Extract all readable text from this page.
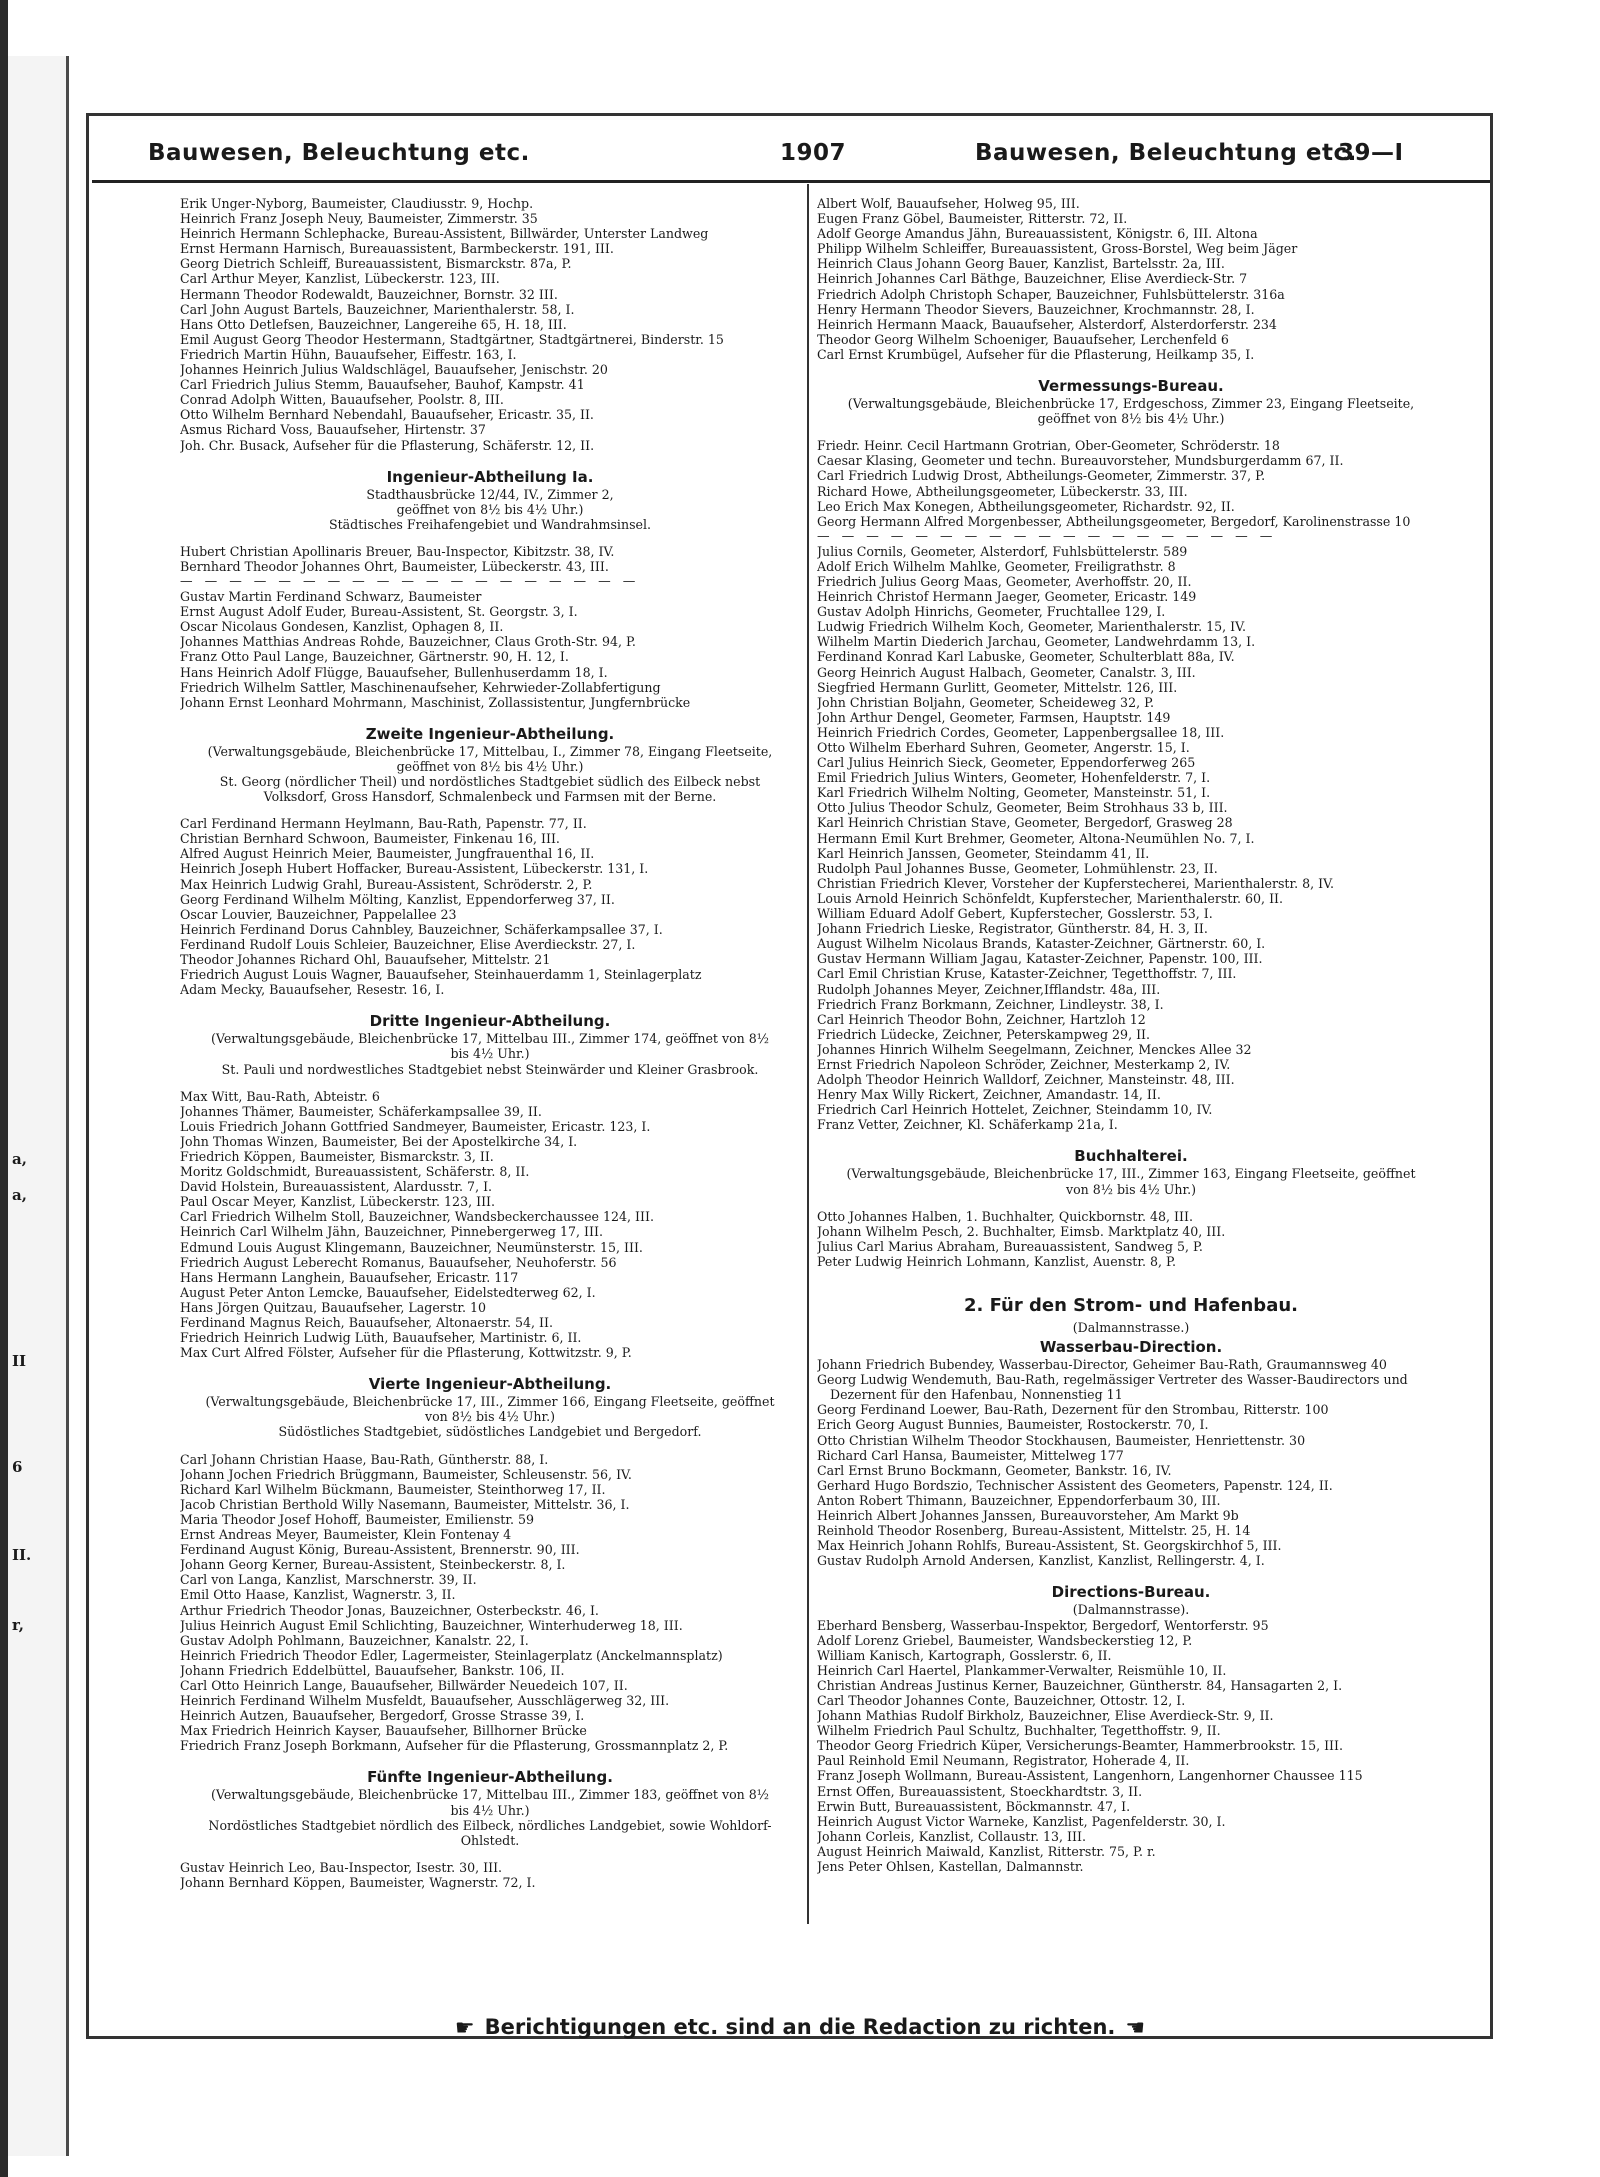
a,
a,
II
6
II.
r,
Bauwesen, Beleuchtung etc.	1907	Bauwesen, Beleuchtung etc.
39—I

Erik Unger-Nyborg, Baumeister, Claudiusstr. 9, Hochp.

Heinrich Franz Joseph Neuy, Baumeister, Zimmerstr. 35

Heinrich Hermann Schlephacke, Bureau-Assistent, Billwärder, Unterster Landweg

Ernst Hermann Harnisch, Bureauassistent, Barmbeckerstr. 191, III.

Georg Dietrich Schleiff, Bureauassistent, Bismarckstr. 87a, P.

Carl Arthur Meyer, Kanzlist, Lübeckerstr. 123, III.

Hermann Theodor Rodewaldt, Bauzeichner, Bornstr. 32 III.

Carl John August Bartels, Bauzeichner, Marienthalerstr. 58, I.

Hans Otto Detlefsen, Bauzeichner, Langereihe 65, H. 18, III.

Emil August Georg Theodor Hestermann, Stadtgärtner, Stadtgärtnerei, Binderstr. 15

Friedrich Martin Hühn, Bauaufseher, Eiffestr. 163, I.

Johannes Heinrich Julius Waldschlägel, Bauaufseher, Jenischstr. 20

Carl Friedrich Julius Stemm, Bauaufseher, Bauhof, Kampstr. 41

Conrad Adolph Witten, Bauaufseher, Poolstr. 8, III.

Otto Wilhelm Bernhard Nebendahl, Bauaufseher, Ericastr. 35, II.

Asmus Richard Voss, Bauaufseher, Hirtenstr. 37

Joh. Chr. Busack, Aufseher für die Pflasterung, Schäferstr. 12, II.

Ingenieur-Abtheilung Ia.

Stadthausbrücke 12/44, IV., Zimmer 2,

geöffnet von 8½ bis 4½ Uhr.)

Städtisches Freihafengebiet und Wandrahmsinsel.

Hubert Christian Apollinaris Breuer, Bau-Inspector, Kibitzstr. 38, IV.

Bernhard Theodor Johannes Ohrt, Baumeister, Lübeckerstr. 43, III.

— — — — — — — — — — — — — — — — — — —

Gustav Martin Ferdinand Schwarz, Baumeister

Ernst August Adolf Euder, Bureau-Assistent, St. Georgstr. 3, I.

Oscar Nicolaus Gondesen, Kanzlist, Ophagen 8, II.

Johannes Matthias Andreas Rohde, Bauzeichner, Claus Groth-Str. 94, P.

Franz Otto Paul Lange, Bauzeichner, Gärtnerstr. 90, H. 12, I.

Hans Heinrich Adolf Flügge, Bauaufseher, Bullenhuserdamm 18, I.

Friedrich Wilhelm Sattler, Maschinenaufseher, Kehrwieder-Zollabfertigung

Johann Ernst Leonhard Mohrmann, Maschinist, Zollassistentur, Jungfernbrücke

Zweite Ingenieur-Abtheilung.

(Verwaltungsgebäude, Bleichenbrücke 17, Mittelbau, I., Zimmer 78, Eingang Fleetseite, geöffnet von 8½ bis 4½ Uhr.)

St. Georg (nördlicher Theil) und nordöstliches Stadtgebiet südlich des Eilbeck nebst Volksdorf, Gross Hansdorf, Schmalenbeck und Farmsen mit der Berne.

Carl Ferdinand Hermann Heylmann, Bau-Rath, Papenstr. 77, II.

Christian Bernhard Schwoon, Baumeister, Finkenau 16, III.

Alfred August Heinrich Meier, Baumeister, Jungfrauenthal 16, II.

Heinrich Joseph Hubert Hoffacker, Bureau-Assistent, Lübeckerstr. 131, I.

Max Heinrich Ludwig Grahl, Bureau-Assistent, Schröderstr. 2, P.

Georg Ferdinand Wilhelm Mölting, Kanzlist, Eppendorferweg 37, II.

Oscar Louvier, Bauzeichner, Pappelallee 23

Heinrich Ferdinand Dorus Cahnbley, Bauzeichner, Schäferkampsallee 37, I.

Ferdinand Rudolf Louis Schleier, Bauzeichner, Elise Averdieckstr. 27, I.

Theodor Johannes Richard Ohl, Bauaufseher, Mittelstr. 21

Friedrich August Louis Wagner, Bauaufseher, Steinhauerdamm 1, Steinlagerplatz

Adam Mecky, Bauaufseher, Resestr. 16, I.

Dritte Ingenieur-Abtheilung.

(Verwaltungsgebäude, Bleichenbrücke 17, Mittelbau III., Zimmer 174, geöffnet von 8½ bis 4½ Uhr.)

St. Pauli und nordwestliches Stadtgebiet nebst Steinwärder und Kleiner Grasbrook.

Max Witt, Bau-Rath, Abteistr. 6

Johannes Thämer, Baumeister, Schäferkampsallee 39, II.

Louis Friedrich Johann Gottfried Sandmeyer, Baumeister, Ericastr. 123, I.

John Thomas Winzen, Baumeister, Bei der Apostelkirche 34, I.

Friedrich Köppen, Baumeister, Bismarckstr. 3, II.

Moritz Goldschmidt, Bureauassistent, Schäferstr. 8, II.

David Holstein, Bureauassistent, Alardusstr. 7, I.

Paul Oscar Meyer, Kanzlist, Lübeckerstr. 123, III.

Carl Friedrich Wilhelm Stoll, Bauzeichner, Wandsbeckerchaussee 124, III.

Heinrich Carl Wilhelm Jähn, Bauzeichner, Pinnebergerweg 17, III.

Edmund Louis August Klingemann, Bauzeichner, Neumünsterstr. 15, III.

Friedrich August Leberecht Romanus, Bauaufseher, Neuhoferstr. 56

Hans Hermann Langhein, Bauaufseher, Ericastr. 117

August Peter Anton Lemcke, Bauaufseher, Eidelstedterweg 62, I.

Hans Jörgen Quitzau, Bauaufseher, Lagerstr. 10

Ferdinand Magnus Reich, Bauaufseher, Altonaerstr. 54, II.

Friedrich Heinrich Ludwig Lüth, Bauaufseher, Martinistr. 6, II.

Max Curt Alfred Fölster, Aufseher für die Pflasterung, Kottwitzstr. 9, P.

Vierte Ingenieur-Abtheilung.

(Verwaltungsgebäude, Bleichenbrücke 17, III., Zimmer 166, Eingang Fleetseite, geöffnet von 8½ bis 4½ Uhr.)

Südöstliches Stadtgebiet, südöstliches Landgebiet und Bergedorf.

Carl Johann Christian Haase, Bau-Rath, Güntherstr. 88, I.

Johann Jochen Friedrich Brüggmann, Baumeister, Schleusenstr. 56, IV.

Richard Karl Wilhelm Bückmann, Baumeister, Steinthorweg 17, II.

Jacob Christian Berthold Willy Nasemann, Baumeister, Mittelstr. 36, I.

Maria Theodor Josef Hohoff, Baumeister, Emilienstr. 59

Ernst Andreas Meyer, Baumeister, Klein Fontenay 4

Ferdinand August König, Bureau-Assistent, Brennerstr. 90, III.

Johann Georg Kerner, Bureau-Assistent, Steinbeckerstr. 8, I.

Carl von Langa, Kanzlist, Marschnerstr. 39, II.

Emil Otto Haase, Kanzlist, Wagnerstr. 3, II.

Arthur Friedrich Theodor Jonas, Bauzeichner, Osterbeckstr. 46, I.

Julius Heinrich August Emil Schlichting, Bauzeichner, Winterhuderweg 18, III.

Gustav Adolph Pohlmann, Bauzeichner, Kanalstr. 22, I.

Heinrich Friedrich Theodor Edler, Lagermeister, Steinlagerplatz (Anckelmannsplatz)

Johann Friedrich Eddelbüttel, Bauaufseher, Bankstr. 106, II.

Carl Otto Heinrich Lange, Bauaufseher, Billwärder Neuedeich 107, II.

Heinrich Ferdinand Wilhelm Musfeldt, Bauaufseher, Ausschlägerweg 32, III.

Heinrich Autzen, Bauaufseher, Bergedorf, Grosse Strasse 39, I.

Max Friedrich Heinrich Kayser, Bauaufseher, Billhorner Brücke

Friedrich Franz Joseph Borkmann, Aufseher für die Pflasterung, Grossmannplatz 2, P.

Fünfte Ingenieur-Abtheilung.

(Verwaltungsgebäude, Bleichenbrücke 17, Mittelbau III., Zimmer 183, geöffnet von 8½ bis 4½ Uhr.)

Nordöstliches Stadtgebiet nördlich des Eilbeck, nördliches Landgebiet, sowie Wohldorf-Ohlstedt.

Gustav Heinrich Leo, Bau-Inspector, Isestr. 30, III.

Johann Bernhard Köppen, Baumeister, Wagnerstr. 72, I.

Albert Wolf, Bauaufseher, Holweg 95, III.

Eugen Franz Göbel, Baumeister, Ritterstr. 72, II.

Adolf George Amandus Jähn, Bureauassistent, Königstr. 6, III. Altona

Philipp Wilhelm Schleiffer, Bureauassistent, Gross-Borstel, Weg beim Jäger

Heinrich Claus Johann Georg Bauer, Kanzlist, Bartelsstr. 2a, III.

Heinrich Johannes Carl Bäthge, Bauzeichner, Elise Averdieck-Str. 7

Friedrich Adolph Christoph Schaper, Bauzeichner, Fuhlsbüttelerstr. 316a

Henry Hermann Theodor Sievers, Bauzeichner, Krochmannstr. 28, I.

Heinrich Hermann Maack, Bauaufseher, Alsterdorf, Alsterdorferstr. 234

Theodor Georg Wilhelm Schoeniger, Bauaufseher, Lerchenfeld 6

Carl Ernst Krumbügel, Aufseher für die Pflasterung, Heilkamp 35, I.

Vermessungs-Bureau.

(Verwaltungsgebäude, Bleichenbrücke 17, Erdgeschoss, Zimmer 23, Eingang Fleetseite, geöffnet von 8½ bis 4½ Uhr.)

Friedr. Heinr. Cecil Hartmann Grotrian, Ober-Geometer, Schröderstr. 18

Caesar Klasing, Geometer und techn. Bureauvorsteher, Mundsburgerdamm 67, II.

Carl Friedrich Ludwig Drost, Abtheilungs-Geometer, Zimmerstr. 37, P.

Richard Howe, Abtheilungsgeometer, Lübeckerstr. 33, III.

Leo Erich Max Konegen, Abtheilungsgeometer, Richardstr. 92, II.

Georg Hermann Alfred Morgenbesser, Abtheilungsgeometer, Bergedorf, Karolinenstrasse 10

— — — — — — — — — — — — — — — — — — —

Julius Cornils, Geometer, Alsterdorf, Fuhlsbüttelerstr. 589

Adolf Erich Wilhelm Mahlke, Geometer, Freiligrathstr. 8

Friedrich Julius Georg Maas, Geometer, Averhoffstr. 20, II.

Heinrich Christof Hermann Jaeger, Geometer, Ericastr. 149

Gustav Adolph Hinrichs, Geometer, Fruchtallee 129, I.

Ludwig Friedrich Wilhelm Koch, Geometer, Marienthalerstr. 15, IV.

Wilhelm Martin Diederich Jarchau, Geometer, Landwehrdamm 13, I.

Ferdinand Konrad Karl Labuske, Geometer, Schulterblatt 88a, IV.

Georg Heinrich August Halbach, Geometer, Canalstr. 3, III.

Siegfried Hermann Gurlitt, Geometer, Mittelstr. 126, III.

John Christian Boljahn, Geometer, Scheideweg 32, P.

John Arthur Dengel, Geometer, Farmsen, Hauptstr. 149

Heinrich Friedrich Cordes, Geometer, Lappenbergsallee 18, III.

Otto Wilhelm Eberhard Suhren, Geometer, Angerstr. 15, I.

Carl Julius Heinrich Sieck, Geometer, Eppendorferweg 265

Emil Friedrich Julius Winters, Geometer, Hohenfelderstr. 7, I.

Karl Friedrich Wilhelm Nolting, Geometer, Mansteinstr. 51, I.

Otto Julius Theodor Schulz, Geometer, Beim Strohhaus 33 b, III.

Karl Heinrich Christian Stave, Geometer, Bergedorf, Grasweg 28

Hermann Emil Kurt Brehmer, Geometer, Altona-Neumühlen No. 7, I.

Karl Heinrich Janssen, Geometer, Steindamm 41, II.

Rudolph Paul Johannes Busse, Geometer, Lohmühlenstr. 23, II.

Christian Friedrich Klever, Vorsteher der Kupferstecherei, Marienthalerstr. 8, IV.

Louis Arnold Heinrich Schönfeldt, Kupferstecher, Marienthalerstr. 60, II.

William Eduard Adolf Gebert, Kupferstecher, Gosslerstr. 53, I.

Johann Friedrich Lieske, Registrator, Güntherstr. 84, H. 3, II.

August Wilhelm Nicolaus Brands, Kataster-Zeichner, Gärtnerstr. 60, I.

Gustav Hermann William Jagau, Kataster-Zeichner, Papenstr. 100, III.

Carl Emil Christian Kruse, Kataster-Zeichner, Tegetthoffstr. 7, III.

Rudolph Johannes Meyer, Zeichner,Ifflandstr. 48a, III.

Friedrich Franz Borkmann, Zeichner, Lindleystr. 38, I.

Carl Heinrich Theodor Bohn, Zeichner, Hartzloh 12

Friedrich Lüdecke, Zeichner, Peterskampweg 29, II.

Johannes Hinrich Wilhelm Seegelmann, Zeichner, Menckes Allee 32

Ernst Friedrich Napoleon Schröder, Zeichner, Mesterkamp 2, IV.

Adolph Theodor Heinrich Walldorf, Zeichner, Mansteinstr. 48, III.

Henry Max Willy Rickert, Zeichner, Amandastr. 14, II.

Friedrich Carl Heinrich Hottelet, Zeichner, Steindamm 10, IV.

Franz Vetter, Zeichner, Kl. Schäferkamp 21a, I.

Buchhalterei.

(Verwaltungsgebäude, Bleichenbrücke 17, III., Zimmer 163, Eingang Fleetseite, geöffnet von 8½ bis 4½ Uhr.)

Otto Johannes Halben, 1. Buchhalter, Quickbornstr. 48, III.

Johann Wilhelm Pesch, 2. Buchhalter, Eimsb. Marktplatz 40, III.

Julius Carl Marius Abraham, Bureauassistent, Sandweg 5, P.

Peter Ludwig Heinrich Lohmann, Kanzlist, Auenstr. 8, P.

2. Für den Strom- und Hafenbau.

(Dalmannstrasse.)

Wasserbau-Direction.

Johann Friedrich Bubendey, Wasserbau-Director, Geheimer Bau-Rath, Graumannsweg 40

Georg Ludwig Wendemuth, Bau-Rath, regelmässiger Vertreter des Wasser-Baudirectors und Dezernent für den Hafenbau, Nonnenstieg 11

Georg Ferdinand Loewer, Bau-Rath, Dezernent für den Strombau, Ritterstr. 100

Erich Georg August Bunnies, Baumeister, Rostockerstr. 70, I.

Otto Christian Wilhelm Theodor Stockhausen, Baumeister, Henriettenstr. 30

Richard Carl Hansa, Baumeister, Mittelweg 177

Carl Ernst Bruno Bockmann, Geometer, Bankstr. 16, IV.

Gerhard Hugo Bordszio, Technischer Assistent des Geometers, Papenstr. 124, II.

Anton Robert Thimann, Bauzeichner, Eppendorferbaum 30, III.

Heinrich Albert Johannes Janssen, Bureauvorsteher, Am Markt 9b

Reinhold Theodor Rosenberg, Bureau-Assistent, Mittelstr. 25, H. 14

Max Heinrich Johann Rohlfs, Bureau-Assistent, St. Georgskirchhof 5, III.

Gustav Rudolph Arnold Andersen, Kanzlist, Kanzlist, Rellingerstr. 4, I.

Directions-Bureau.

(Dalmannstrasse).

Eberhard Bensberg, Wasserbau-Inspektor, Bergedorf, Wentorferstr. 95

Adolf Lorenz Griebel, Baumeister, Wandsbeckerstieg 12, P.

William Kanisch, Kartograph, Gosslerstr. 6, II.

Heinrich Carl Haertel, Plankammer-Verwalter, Reismühle 10, II.

Christian Andreas Justinus Kerner, Bauzeichner, Güntherstr. 84, Hansagarten 2, I.

Carl Theodor Johannes Conte, Bauzeichner, Ottostr. 12, I.

Johann Mathias Rudolf Birkholz, Bauzeichner, Elise Averdieck-Str. 9, II.

Wilhelm Friedrich Paul Schultz, Buchhalter, Tegetthoffstr. 9, II.

Theodor Georg Friedrich Küper, Versicherungs-Beamter, Hammerbrookstr. 15, III.

Paul Reinhold Emil Neumann, Registrator, Hoherade 4, II.

Franz Joseph Wollmann, Bureau-Assistent, Langenhorn, Langenhorner Chaussee 115

Ernst Offen, Bureauassistent, Stoeckhardtstr. 3, II.

Erwin Butt, Bureauassistent, Böckmannstr. 47, I.

Heinrich August Victor Warneke, Kanzlist, Pagenfelderstr. 30, I.

Johann Corleis, Kanzlist, Collaustr. 13, III.

August Heinrich Maiwald, Kanzlist, Ritterstr. 75, P. r.

Jens Peter Ohlsen, Kastellan, Dalmannstr.

☛ Berichtigungen etc. sind an die Redaction zu richten. ☚
